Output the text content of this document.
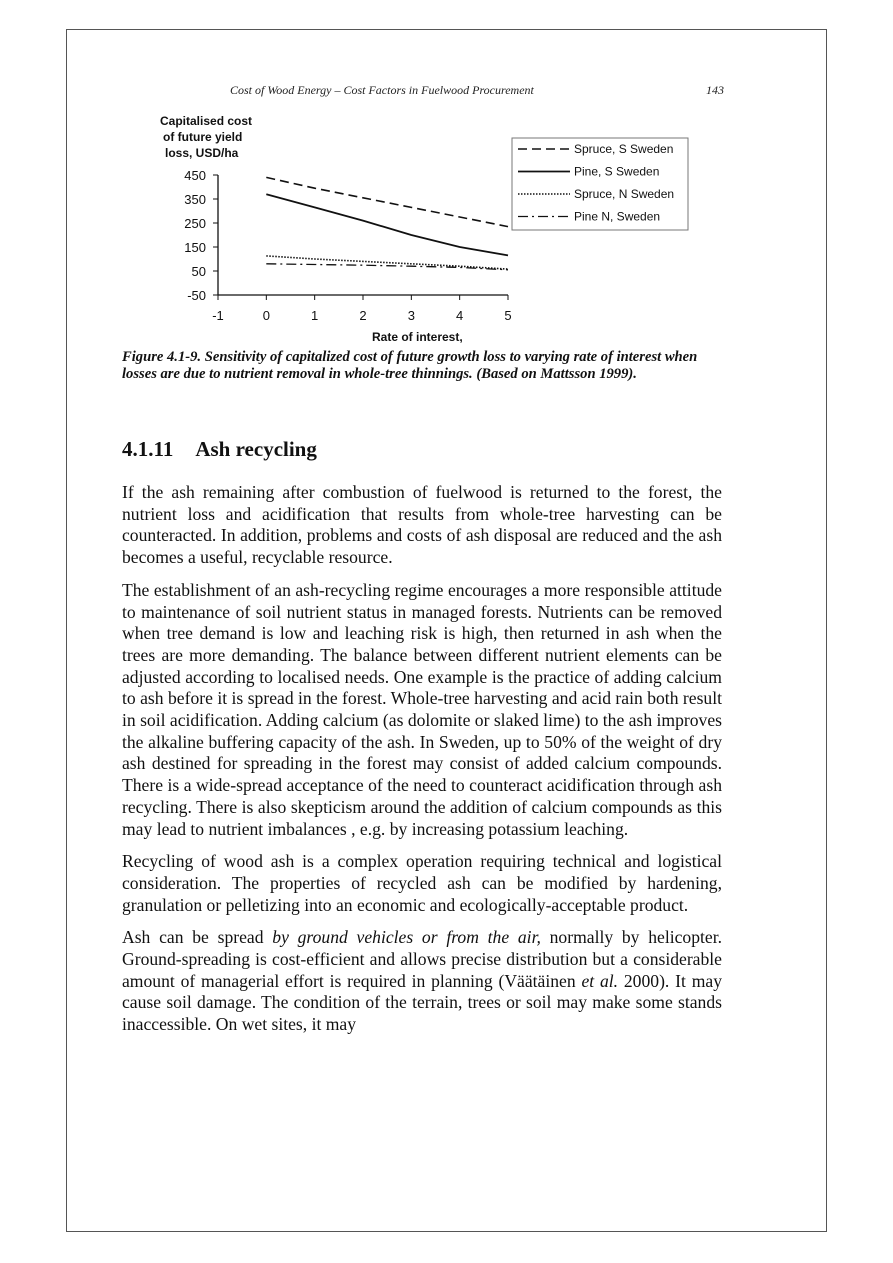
Cost of Wood Energy – Cost Factors in Fuelwood Procurement	143
Capitalised cost
of future yield
loss, USD/ha
450
350
250
150
50
-50
-1	0	1	2	3	4	5
Spruce, S Sweden
Pine, S Sweden
Spruce, N Sweden
Pine N, Sweden
Rate of interest,
Figure 4.1-9. Sensitivity of capitalized cost of future growth loss to varying rate of interest when losses are due to nutrient removal in whole-tree thinnings. (Based on Mattsson 1999).
4.1.11 Ash recycling

If the ash remaining after combustion of fuelwood is returned to the forest, the nutrient loss and acidification that results from whole-tree harvesting can be counteracted. In addition, problems and costs of ash disposal are reduced and the ash becomes a useful, recyclable resource.

The establishment of an ash-recycling regime encourages a more responsible attitude to maintenance of soil nutrient status in managed forests. Nutrients can be removed when tree demand is low and leaching risk is high, then returned in ash when the trees are more demanding. The balance between different nutrient elements can be adjusted according to localised needs. One example is the practice of adding calcium to ash before it is spread in the forest. Whole-tree harvesting and acid rain both result in soil acidification. Adding calcium (as dolomite or slaked lime) to the ash improves the alkaline buffering capacity of the ash. In Sweden, up to 50% of the weight of dry ash destined for spreading in the forest may consist of added calcium compounds. There is a wide-spread acceptance of the need to counteract acidification through ash recycling. There is also skepticism around the addition of calcium compounds as this may lead to nutrient imbalances , e.g. by increasing potassium leaching.

Recycling of wood ash is a complex operation requiring technical and logistical consideration. The properties of recycled ash can be modified by hardening, granulation or pelletizing into an economic and ecologically-acceptable product.

Ash can be spread by ground vehicles or from the air, normally by helicopter. Ground-spreading is cost-efficient and allows precise distribution but a considerable amount of managerial effort is required in planning (Väätäinen et al. 2000). It may cause soil damage. The condition of the terrain, trees or soil may make some stands inaccessible. On wet sites, it may
